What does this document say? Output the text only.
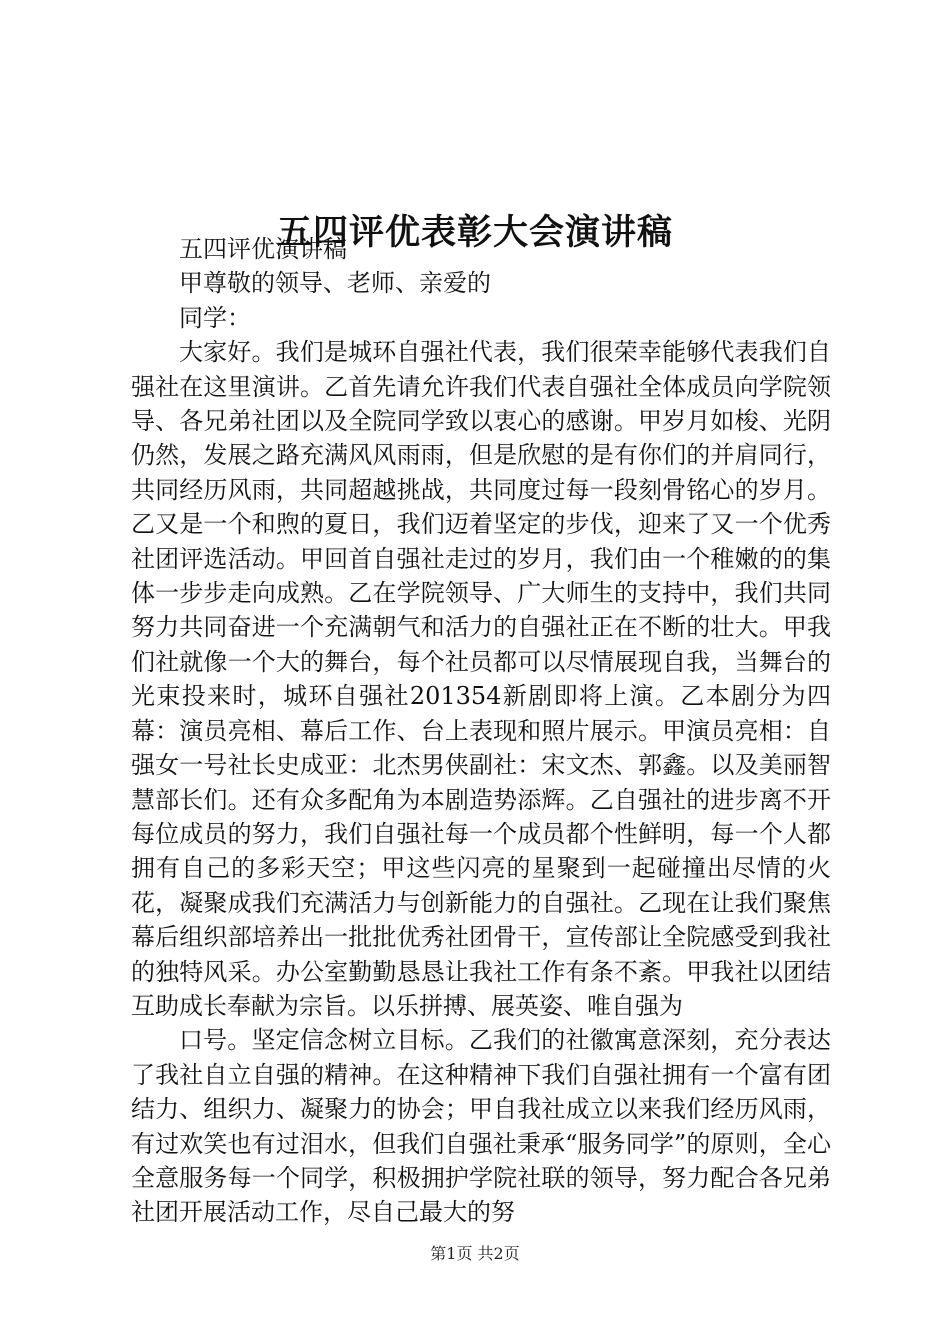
五四评优表彰大会演讲稿

五四评优演讲稿

甲尊敬的领导、老师、亲爱的

同学：

大家好。我们是城环自强社代表，我们很荣幸能够代表我们自强社在这里演讲。乙首先请允许我们代表自强社全体成员向学院领导、各兄弟社团以及全院同学致以衷心的感谢。甲岁月如梭、光阴仍然，发展之路充满风风雨雨，但是欣慰的是有你们的并肩同行，共同经历风雨，共同超越挑战，共同度过每一段刻骨铭心的岁月。乙又是一个和煦的夏日，我们迈着坚定的步伐，迎来了又一个优秀社团评选活动。甲回首自强社走过的岁月，我们由一个稚嫩的的集体一步步走向成熟。乙在学院领导、广大师生的支持中，我们共同努力共同奋进一个充满朝气和活力的自强社正在不断的壮大。甲我们社就像一个大的舞台，每个社员都可以尽情展现自我，当舞台的光束投来时，城环自强社201354新剧即将上演。乙本剧分为四幕：演员亮相、幕后工作、台上表现和照片展示。甲演员亮相：自强女一号社长史成亚：北杰男侠副社：宋文杰、郭鑫。以及美丽智慧部长们。还有众多配角为本剧造势添辉。乙自强社的进步离不开每位成员的努力，我们自强社每一个成员都个性鲜明，每一个人都拥有自己的多彩天空；甲这些闪亮的星聚到一起碰撞出尽情的火花，凝聚成我们充满活力与创新能力的自强社。乙现在让我们聚焦幕后组织部培养出一批批优秀社团骨干，宣传部让全院感受到我社的独特风采。办公室勤勤恳恳让我社工作有条不紊。甲我社以团结互助成长奉献为宗旨。以乐拼搏、展英姿、唯自强为

口号。坚定信念树立目标。乙我们的社徽寓意深刻，充分表达了我社自立自强的精神。在这种精神下我们自强社拥有一个富有团结力、组织力、凝聚力的协会；甲自我社成立以来我们经历风雨，有过欢笑也有过泪水，但我们自强社秉承“服务同学”的原则，全心全意服务每一个同学，积极拥护学院社联的领导，努力配合各兄弟社团开展活动工作，尽自己最大的努

第1页 共2页
